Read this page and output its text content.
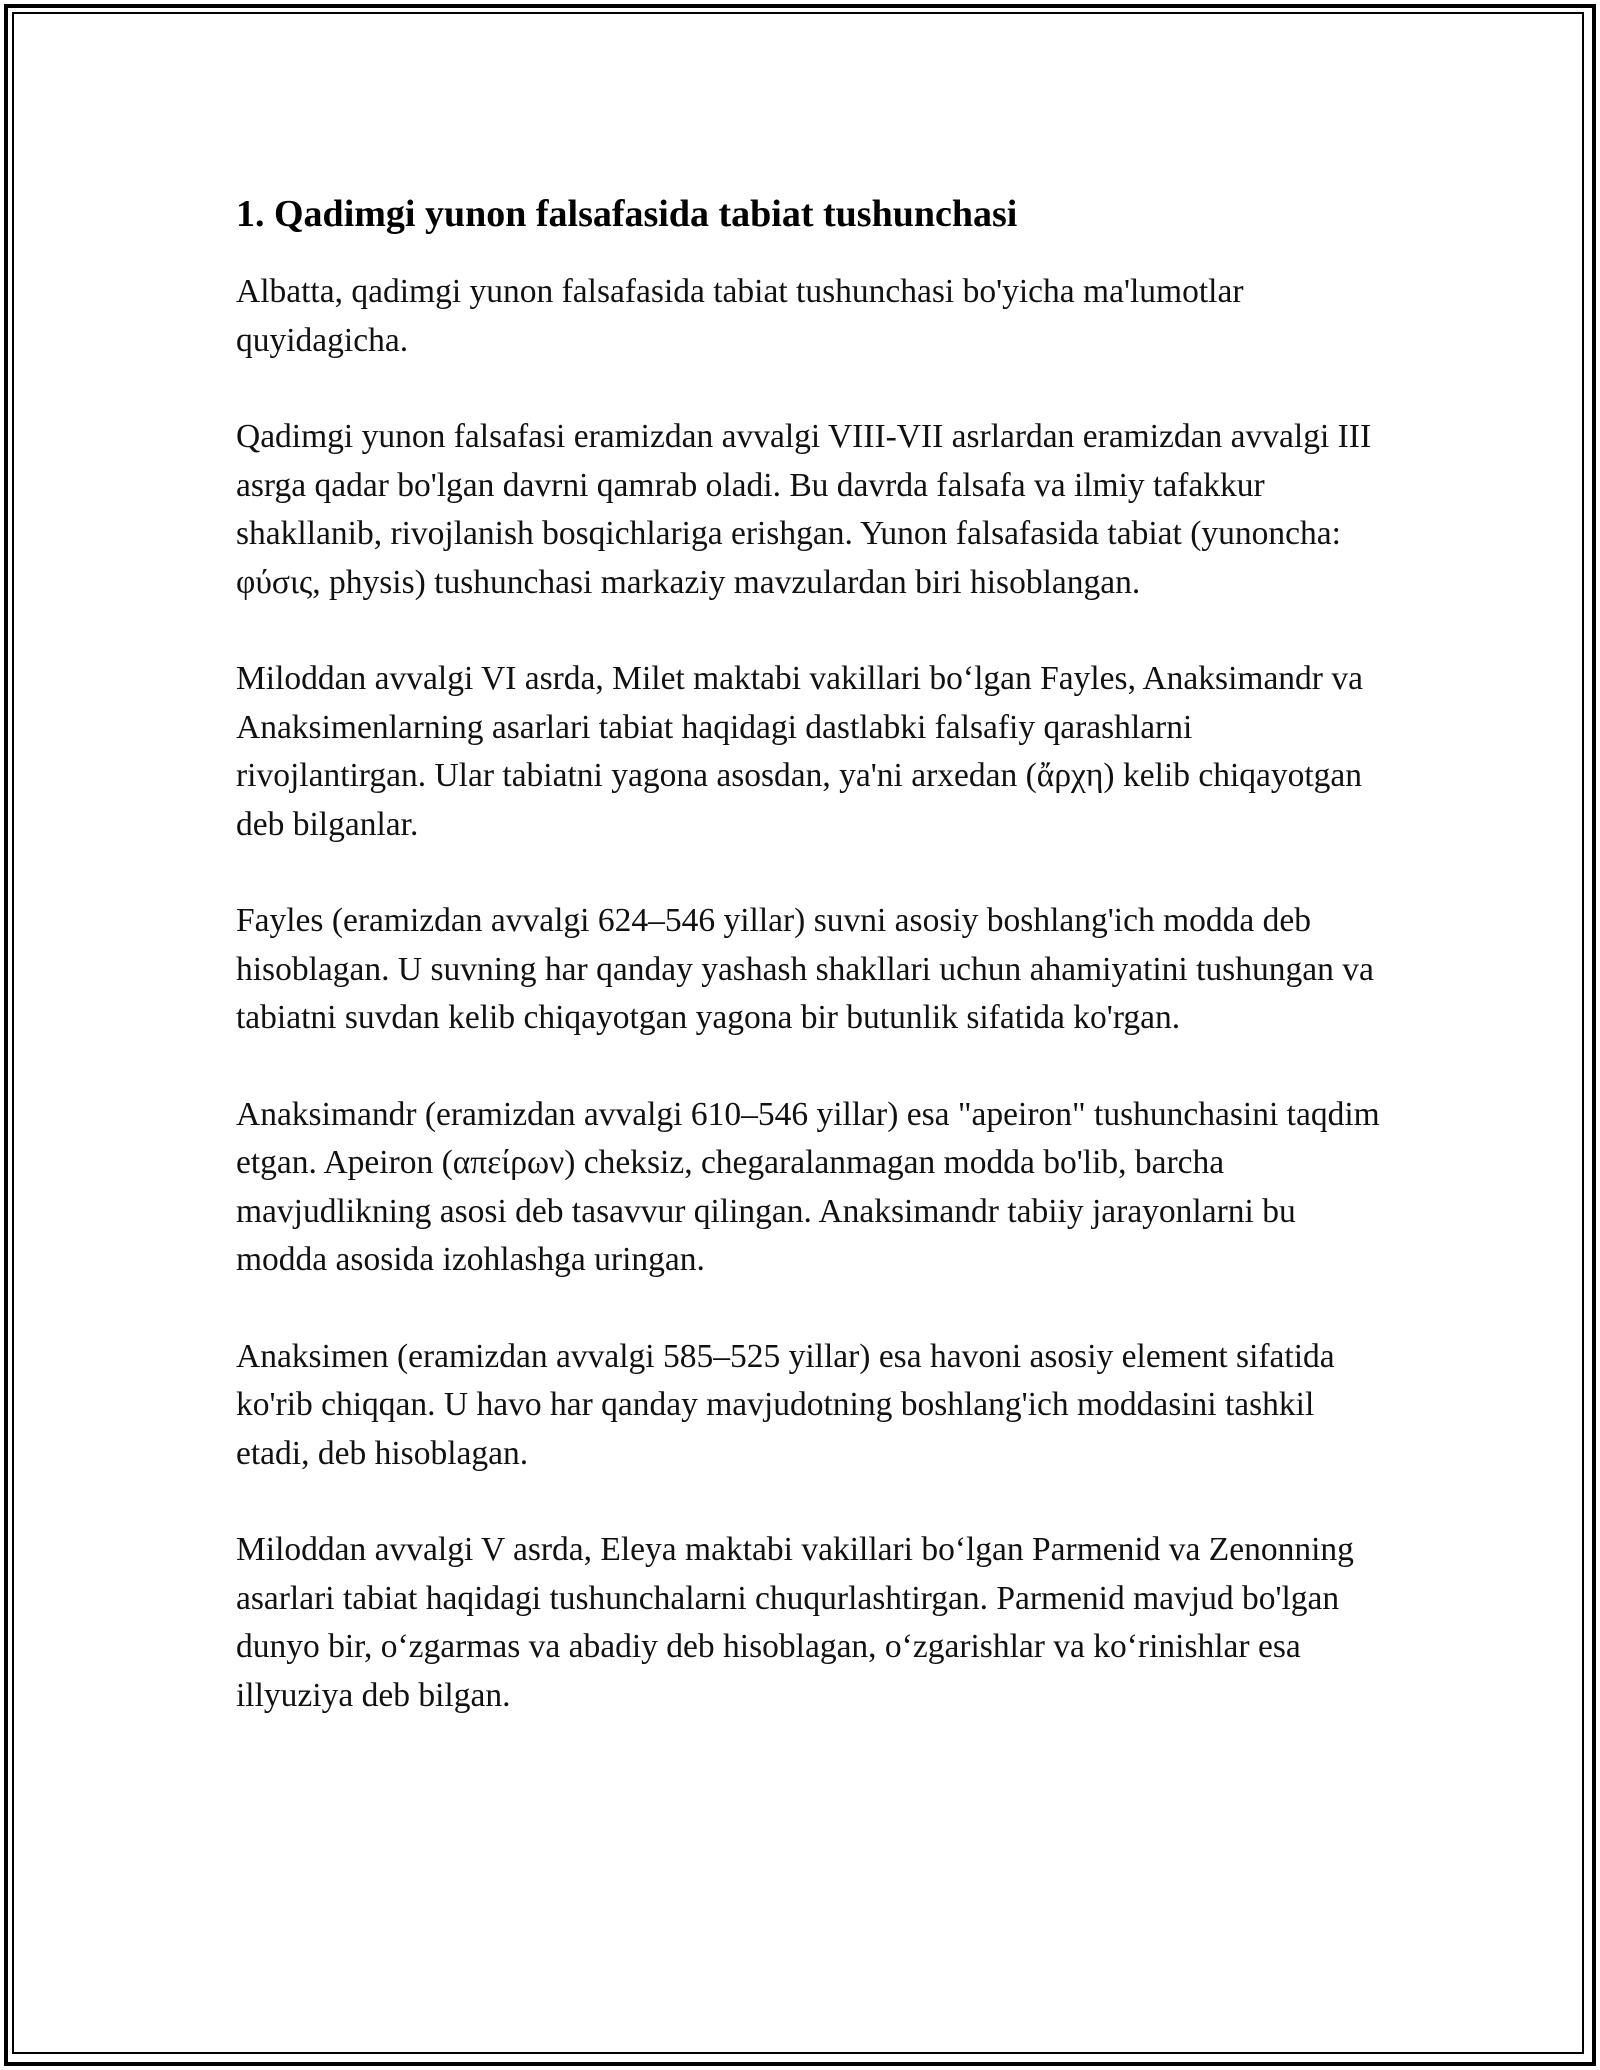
1. Qadimgi yunon falsafasida tabiat tushunchasi

Albatta, qadimgi yunon falsafasida tabiat tushunchasi bo'yicha ma'lumotlar quyidagicha.

Qadimgi yunon falsafasi eramizdan avvalgi VIII-VII asrlardan eramizdan avvalgi III asrga qadar bo'lgan davrni qamrab oladi. Bu davrda falsafa va ilmiy tafakkur shakllanib, rivojlanish bosqichlariga erishgan. Yunon falsafasida tabiat (yunoncha: φύσις, physis) tushunchasi markaziy mavzulardan biri hisoblangan.

Miloddan avvalgi VI asrda, Milet maktabi vakillari bo‘lgan Fayles, Anaksimandr va Anaksimenlarning asarlari tabiat haqidagi dastlabki falsafiy qarashlarni rivojlantirgan. Ular tabiatni yagona asosdan, ya'ni arxedan (ἄρχη) kelib chiqayotgan deb bilganlar.

Fayles (eramizdan avvalgi 624–546 yillar) suvni asosiy boshlang'ich modda deb hisoblagan. U suvning har qanday yashash shakllari uchun ahamiyatini tushungan va tabiatni suvdan kelib chiqayotgan yagona bir butunlik sifatida ko'rgan.

Anaksimandr (eramizdan avvalgi 610–546 yillar) esa "apeiron" tushunchasini taqdim etgan. Apeiron (απείρων) cheksiz, chegaralanmagan modda bo'lib, barcha mavjudlikning asosi deb tasavvur qilingan. Anaksimandr tabiiy jarayonlarni bu modda asosida izohlashga uringan.

Anaksimen (eramizdan avvalgi 585–525 yillar) esa havoni asosiy element sifatida ko'rib chiqqan. U havo har qanday mavjudotning boshlang'ich moddasini tashkil etadi, deb hisoblagan.

Miloddan avvalgi V asrda, Eleya maktabi vakillari bo‘lgan Parmenid va Zenonning asarlari tabiat haqidagi tushunchalarni chuqurlashtirgan. Parmenid mavjud bo'lgan dunyo bir, o‘zgarmas va abadiy deb hisoblagan, o‘zgarishlar va ko‘rinishlar esa illyuziya deb bilgan.
